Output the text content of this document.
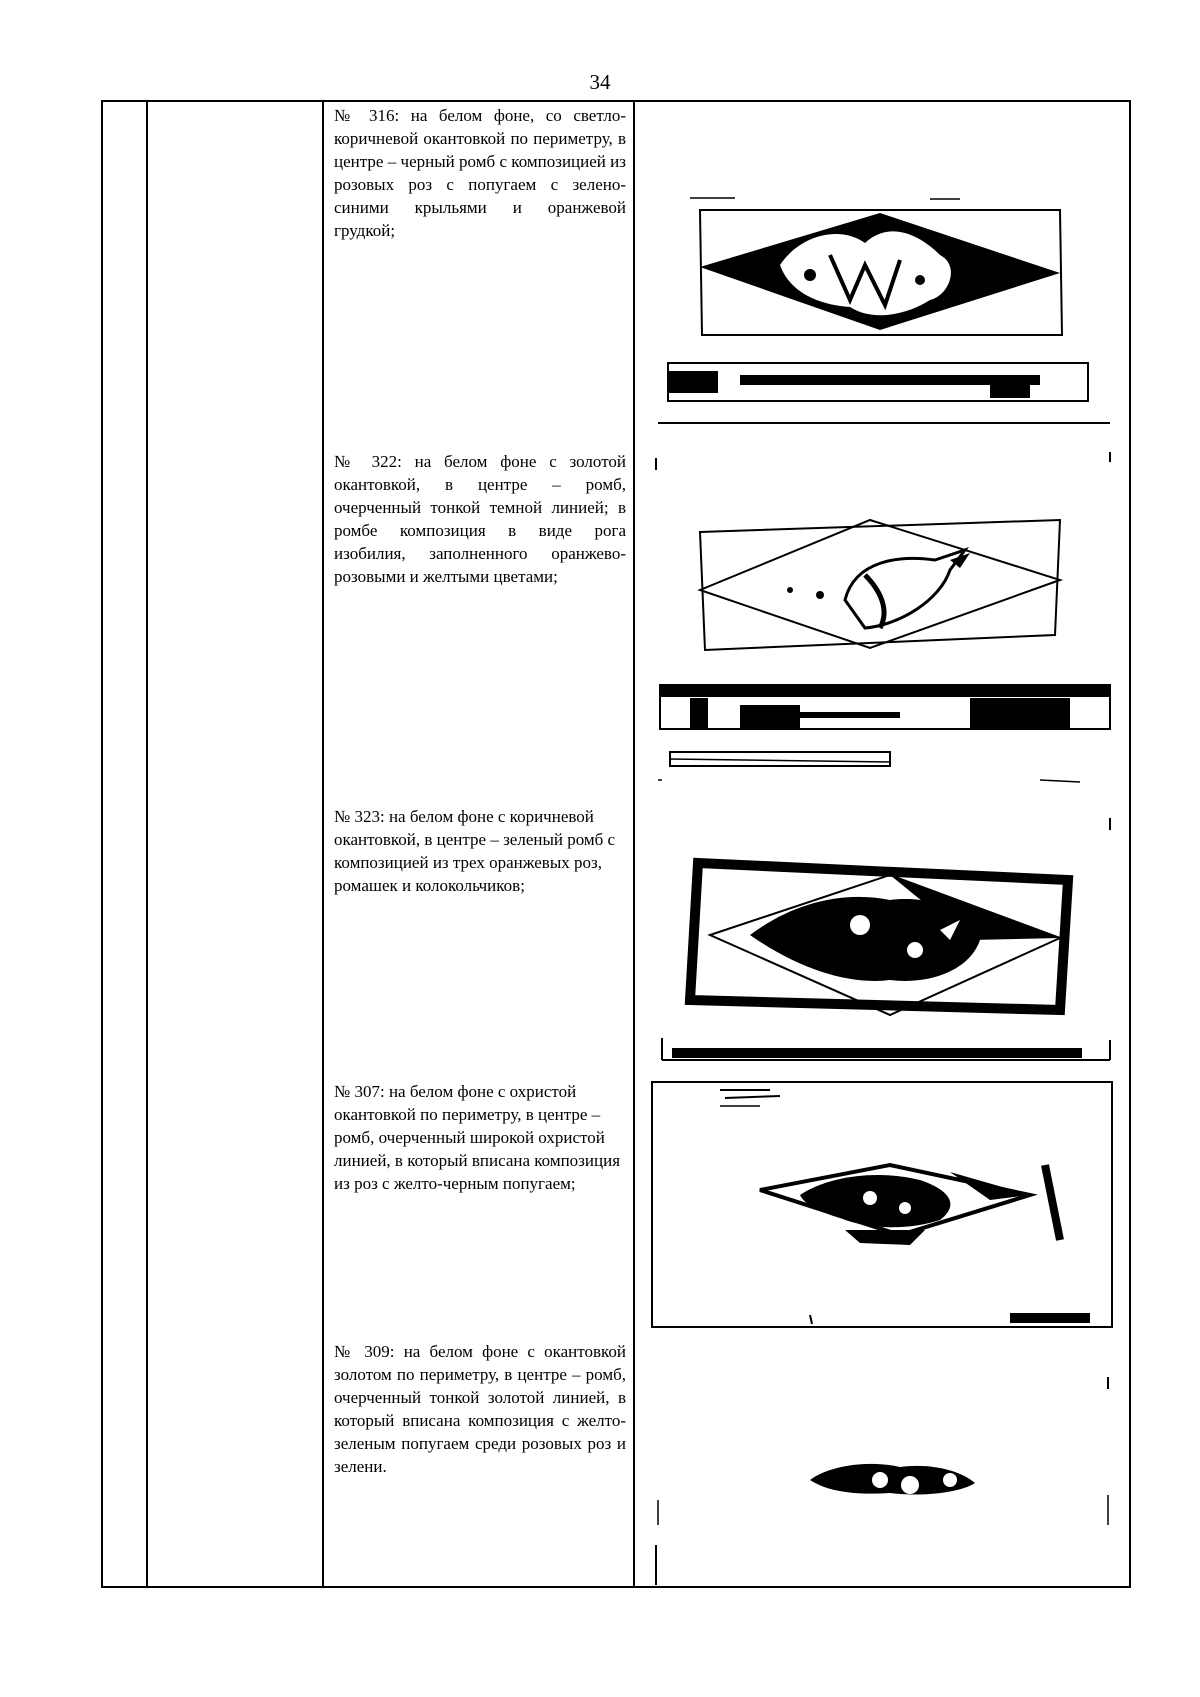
34
№ 316: на белом фоне, со светло-коричневой окантовкой по периметру, в центре – черный ромб с композицией из розовых роз с попугаем с зелено-синими крыльями и оранжевой грудкой;
№ 322: на белом фоне с золотой окантовкой, в центре – ромб, очерченный тонкой темной линией; в ромбе композиция в виде рога изобилия, заполненного оранжево-розовыми и желтыми цветами;
№ 323: на белом фоне с коричневой окантовкой, в центре – зеленый ромб с композицией из трех оранжевых роз, ромашек и колокольчиков;
№ 307: на белом фоне с охристой окантовкой по периметру, в центре – ромб, очерченный широкой охристой линией, в который вписана композиция из роз с желто-черным попугаем;
№ 309: на белом фоне с окантовкой золотом по периметру, в центре – ромб, очерченный тонкой золотой линией, в который вписана композиция с желто-зеленым попугаем среди розовых роз и зелени.
